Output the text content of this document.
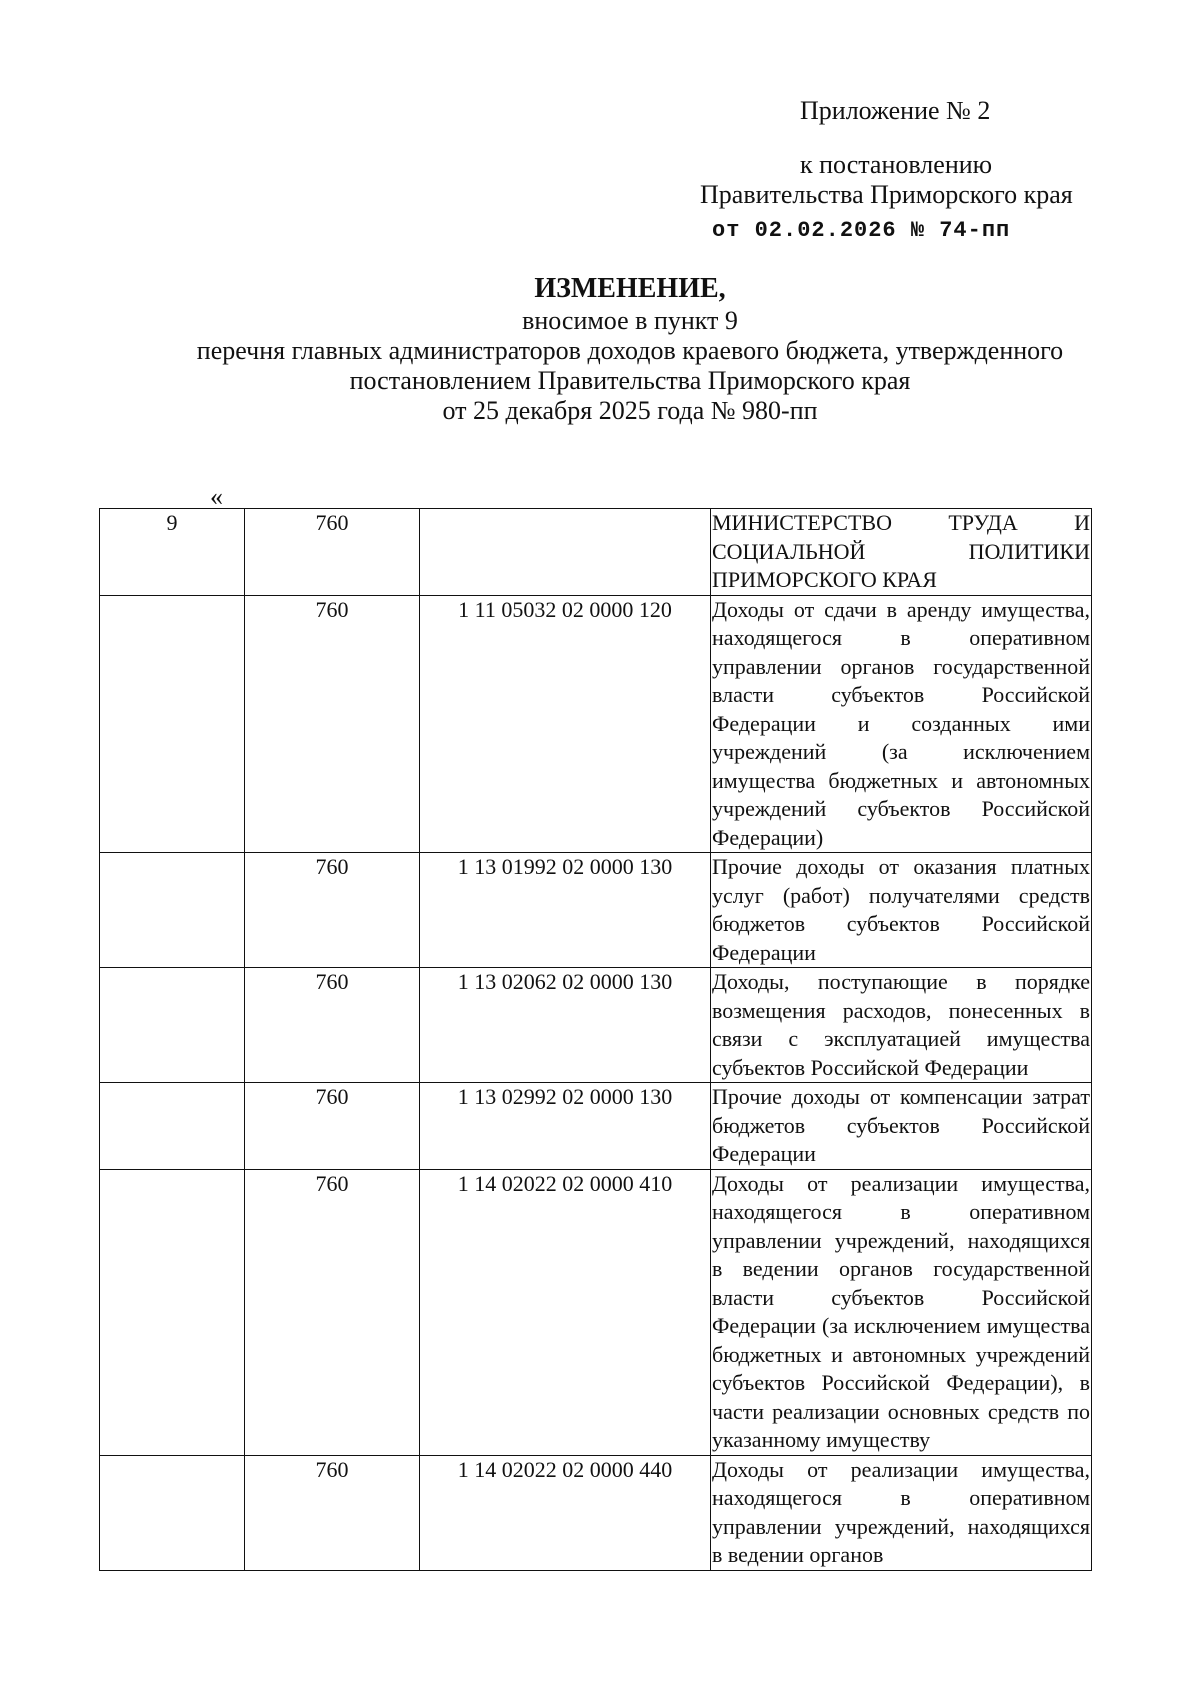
Приложение № 2
к постановлению
Правительства Приморского края
от 02.02.2026 № 74-пп
ИЗМЕНЕНИЕ,
вносимое в пункт 9
перечня главных администраторов доходов краевого бюджета, утвержденного
постановлением Правительства Приморского края
от 25 декабря 2025 года № 980-пп
«
9	760		МИНИСТЕРСТВО ТРУДА И СОЦИАЛЬНОЙ ПОЛИТИКИ ПРИМОРСКОГО КРАЯ

	760	1 11 05032 02 0000 120	Доходы от сдачи в аренду имущества, находящегося в оперативном управлении органов государственной власти субъектов Российской Федерации и созданных ими учреждений (за исключением имущества бюджетных и автономных учреждений субъектов Российской Федерации)

	760	1 13 01992 02 0000 130	Прочие доходы от оказания платных услуг (работ) получателями средств бюджетов субъектов Российской Федерации

	760	1 13 02062 02 0000 130	Доходы, поступающие в порядке возмещения расходов, понесенных в связи с эксплуатацией имущества субъектов Российской Федерации

	760	1 13 02992 02 0000 130	Прочие доходы от компенсации затрат бюджетов субъектов Российской Федерации

	760	1 14 02022 02 0000 410	Доходы от реализации имущества, находящегося в оперативном управлении учреждений, находящихся в ведении органов государственной власти субъектов Российской Федерации (за исключением имущества бюджетных и автономных учреждений субъектов Российской Федерации), в части реализации основных средств по указанному имуществу

	760	1 14 02022 02 0000 440	Доходы от реализации имущества, находящегося в оперативном управлении учреждений, находящихся в ведении органов
